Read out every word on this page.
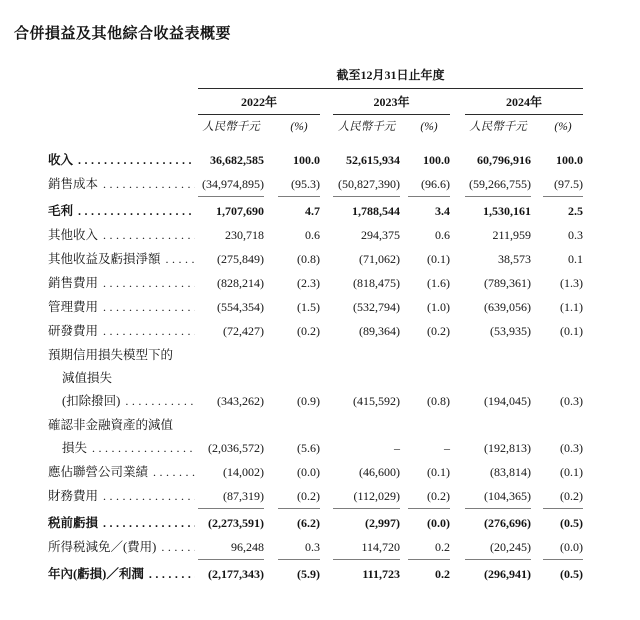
合併損益及其他綜合收益表概要
截至12月31日止年度
2022年	2023年	2024年
人民幣千元	(%)	人民幣千元	(%)	人民幣千元	(%)
收入 .....	36,682,585	100.0	52,615,934	100.0	60,796,916	100.0
銷售成本 .....	(34,974,895)	(95.3)	(50,827,390)	(96.6)	(59,266,755)	(97.5)
毛利 .....	1,707,690	4.7	1,788,544	3.4	1,530,161	2.5
其他收入 .....	230,718	0.6	294,375	0.6	211,959	0.3
其他收益及虧損淨額 .....	(275,849)	(0.8)	(71,062)	(0.1)	38,573	0.1
銷售費用 .....	(828,214)	(2.3)	(818,475)	(1.6)	(789,361)	(1.3)
管理費用 .....	(554,354)	(1.5)	(532,794)	(1.0)	(639,056)	(1.1)
研發費用 .....	(72,427)	(0.2)	(89,364)	(0.2)	(53,935)	(0.1)
預期信用損失模型下的
減值損失
(扣除撥回) .....	(343,262)	(0.9)	(415,592)	(0.8)	(194,045)	(0.3)
確認非金融資產的減值
損失 .....	(2,036,572)	(5.6)	–	–	(192,813)	(0.3)
應佔聯營公司業績 .....	(14,002)	(0.0)	(46,600)	(0.1)	(83,814)	(0.1)
財務費用 .....	(87,319)	(0.2)	(112,029)	(0.2)	(104,365)	(0.2)
税前虧損 .....	(2,273,591)	(6.2)	(2,997)	(0.0)	(276,696)	(0.5)
所得税減免／(費用) .....	96,248	0.3	114,720	0.2	(20,245)	(0.0)
年內(虧損)／利潤 .....	(2,177,343)	(5.9)	111,723	0.2	(296,941)	(0.5)
